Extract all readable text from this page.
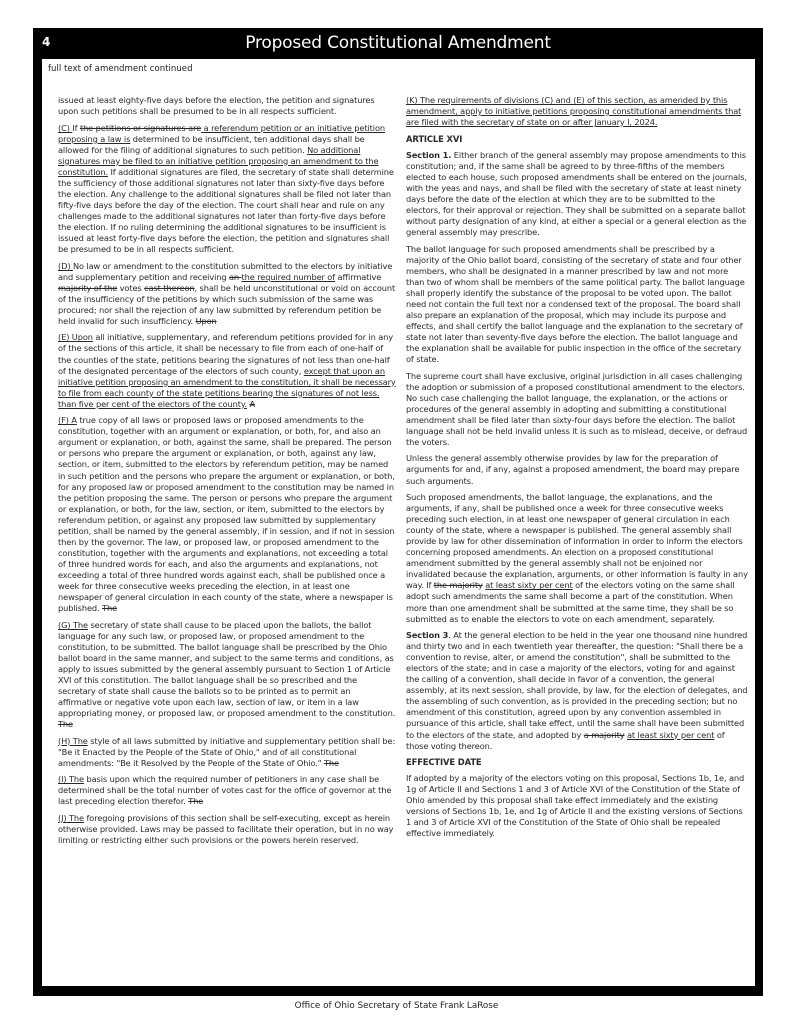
4	Proposed Constitutional Amendment
full text of amendment continued

issued at least eighty-five days before the election, the petition and signatures upon such petitions shall be presumed to be in all respects sufficient.

(C) If the petitions or signatures are a referendum petition or an initiative petition proposing a law is determined to be insufficient, ten additional days shall be allowed for the filing of additional signatures to such petition. No additional signatures may be filed to an initiative petition proposing an amendment to the constitution. If additional signatures are filed, the secretary of state shall determine the sufficiency of those additional signatures not later than sixty-five days before the election. Any challenge to the additional signatures shall be filed not later than fifty-five days before the day of the election. The court shall hear and rule on any challenges made to the additional signatures not later than forty-five days before the election. If no ruling determining the additional signatures to be insufficient is issued at least forty-five days before the election, the petition and signatures shall be presumed to be in all respects sufficient.

(D) No law or amendment to the constitution submitted to the electors by initiative and supplementary petition and receiving an the required number of affirmative majority of the votes cast thereon, shall be held unconstitutional or void on account of the insufficiency of the petitions by which such submission of the same was procured; nor shall the rejection of any law submitted by referendum petition be held invalid for such insufficiency. Upon

(E) Upon all initiative, supplementary, and referendum petitions provided for in any of the sections of this article, it shall be necessary to file from each of one-half of the counties of the state, petitions bearing the signatures of not less than one-half of the designated percentage of the electors of such county, except that upon an initiative petition proposing an amendment to the constitution, it shall be necessary to file from each county of the state petitions bearing the signatures of not less. than five per cent of the electors of the county. A

(F) A true copy of all laws or proposed laws or proposed amendments to the constitution, together with an argument or explanation, or both, for, and also an argument or explanation, or both, against the same, shall be prepared. The person or persons who prepare the argument or explanation, or both, against any law, section, or item, submitted to the electors by referendum petition, may be named in such petition and the persons who prepare the argument or explanation, or both, for any proposed law or proposed amendment to the constitution may be named in the petition proposing the same. The person or persons who prepare the argument or explanation, or both, for the law, section, or item, submitted to the electors by referendum petition, or against any proposed law submitted by supplementary petition, shall be named by the general assembly, if in session, and if not in session then by the governor. The law, or proposed law, or proposed amendment to the constitution, together with the arguments and explanations, not exceeding a total of three hundred words for each, and also the arguments and explanations, not exceeding a total of three hundred words against each, shall be published once a week for three consecutive weeks preceding the election, in at least one newspaper of general circulation in each county of the state, where a newspaper is published. The

(G) The secretary of state shall cause to be placed upon the ballots, the ballot language for any such law, or proposed law, or proposed amendment to the constitution, to be submitted. The ballot language shall be prescribed by the Ohio ballot board in the same manner, and subject to the same terms and conditions, as apply to issues submitted by the general assembly pursuant to Section 1 of Article XVI of this constitution. The ballot language shall be so prescribed and the secretary of state shall cause the ballots so to be printed as to permit an affirmative or negative vote upon each law, section of law, or item in a law appropriating money, or proposed law, or proposed amendment to the constitution. The

(H) The style of all laws submitted by initiative and supplementary petition shall be: "Be it Enacted by the People of the State of Ohio," and of all constitutional amendments: "Be it Resolved by the People of the State of Ohio." The

(I) The basis upon which the required number of petitioners in any case shall be determined shall be the total number of votes cast for the office of governor at the last preceding election therefor. The

(J) The foregoing provisions of this section shall be self-executing, except as herein otherwise provided. Laws may be passed to facilitate their operation, but in no way limiting or restricting either such provisions or the powers herein reserved.

(K) The requirements of divisions (C) and (E) of this section, as amended by this amendment, apply to initiative petitions proposing constitutional amendments that are filed with the secretary of state on or after January l, 2024.

ARTICLE XVI

Section 1. Either branch of the general assembly may propose amendments to this constitution; and, if the same shall be agreed to by three-fifths of the members elected to each house, such proposed amendments shall be entered on the journals, with the yeas and nays, and shall be filed with the secretary of state at least ninety days before the date of the election at which they are to be submitted to the electors, for their approval or rejection. They shall be submitted on a separate ballot without party designation of any kind, at either a special or a general election as the general assembly may prescribe.

The ballot language for such proposed amendments shall be prescribed by a majority of the Ohio ballot board, consisting of the secretary of state and four other members, who shall be designated in a manner prescribed by law and not more than two of whom shall be members of the same political party. The ballot language shall properly identify the substance of the proposal to be voted upon. The ballot need not contain the full text nor a condensed text of the proposal. The board shall also prepare an explanation of the proposal, which may include its purpose and effects, and shall certify the ballot language and the explanation to the secretary of state not later than seventy-five days before the election. The ballot language and the explanation shall be available for public inspection in the office of the secretary of state.

The supreme court shall have exclusive, original jurisdiction in all cases challenging the adoption or submission of a proposed constitutional amendment to the electors. No such case challenging the ballot language, the explanation, or the actions or procedures of the general assembly in adopting and submitting a constitutional amendment shall be filed later than sixty-four days before the election. The ballot language shall not be held invalid unless it is such as to mislead, deceive, or defraud the voters.

Unless the general assembly otherwise provides by law for the preparation of arguments for and, if any, against a proposed amendment, the board may prepare such arguments.

Such proposed amendments, the ballot language, the explanations, and the arguments, if any, shall be published once a week for three consecutive weeks preceding such election, in at least one newspaper of general circulation in each county of the state, where a newspaper is published. The general assembly shall provide by law for other dissemination of information in order to inform the electors concerning proposed amendments. An election on a proposed constitutional amendment submitted by the general assembly shall not be enjoined nor invalidated because the explanation, arguments, or other information is faulty in any way. If the majority at least sixty per cent of the electors voting on the same shall adopt such amendments the same shall become a part of the constitution. When more than one amendment shall be submitted at the same time, they shall be so submitted as to enable the electors to vote on each amendment, separately.

Section 3. At the general election to be held in the year one thousand nine hundred and thirty two and in each twentieth year thereafter, the question: "Shall there be a convention to revise, alter, or amend the constitution", shall be submitted to the electors of the state; and in case a majority of the electors, voting for and against the calling of a convention, shall decide in favor of a convention, the general assembly, at its next session, shall provide, by law, for the election of delegates, and the assembling of such convention, as is provided in the preceding section; but no amendment of this constitution, agreed upon by any convention assembled in pursuance of this article, shall take effect, until the same shall have been submitted to the electors of the state, and adopted by a majority at least sixty per cent of those voting thereon.

EFFECTIVE DATE

If adopted by a majority of the electors voting on this proposal, Sections 1b, 1e, and 1g of Article II and Sections 1 and 3 of Article XVI of the Constitution of the State of Ohio amended by this proposal shall take effect immediately and the existing versions of Sections 1b, 1e, and 1g of Article II and the existing versions of Sections 1 and 3 of Article XVI of the Constitution of the State of Ohio shall be repealed effective immediately.

Office of Ohio Secretary of State Frank LaRose
